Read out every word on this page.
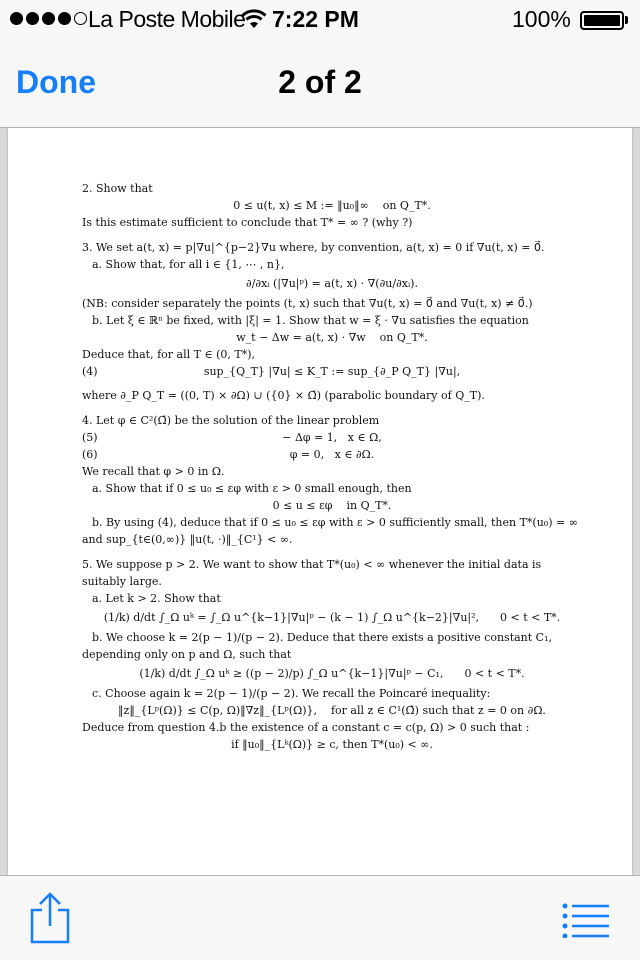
La Poste Mobile 7:22 PM	100%
Done	2 of 2
2. Show that
0 ≤ u(t, x) ≤ M := ‖u₀‖∞    on Q_T*.
Is this estimate sufficient to conclude that T* = ∞ ? (why ?)
3. We set a(t, x) = p|∇u|^{p−2}∇u where, by convention, a(t, x) = 0 if ∇u(t, x) = 0⃗.
a. Show that, for all i ∈ {1, ⋯ , n},
∂/∂xᵢ (|∇u|ᵖ) = a(t, x) · ∇(∂u/∂xᵢ).
(NB: consider separately the points (t, x) such that ∇u(t, x) = 0⃗ and ∇u(t, x) ≠ 0⃗.)
b. Let ξ ∈ ℝⁿ be fixed, with |ξ| = 1. Show that w = ξ · ∇u satisfies the equation
w_t − Δw = a(t, x) · ∇w    on Q_T*.
Deduce that, for all T ∈ (0, T*),
(4)	sup_{Q_T} |∇u| ≤ K_T := sup_{∂_P Q_T} |∇u|,
where ∂_P Q_T = ((0, T) × ∂Ω) ∪ ({0} × Ω̄) (parabolic boundary of Q_T).
4. Let φ ∈ C²(Ω̄) be the solution of the linear problem
(5)	− Δφ = 1,   x ∈ Ω,
(6)	φ = 0,   x ∈ ∂Ω.
We recall that φ > 0 in Ω.
a. Show that if 0 ≤ u₀ ≤ εφ with ε > 0 small enough, then
0 ≤ u ≤ εφ    in Q_T*.
b. By using (4), deduce that if 0 ≤ u₀ ≤ εφ with ε > 0 sufficiently small, then T*(u₀) = ∞
and sup_{t∈(0,∞)} ‖u(t, ·)‖_{C¹} < ∞.
5. We suppose p > 2. We want to show that T*(u₀) < ∞ whenever the initial data is
suitably large.
a. Let k > 2. Show that
(1/k) d/dt ∫_Ω uᵏ = ∫_Ω u^{k−1}|∇u|ᵖ − (k − 1) ∫_Ω u^{k−2}|∇u|²,      0 < t < T*.
b. We choose k = 2(p − 1)/(p − 2). Deduce that there exists a positive constant C₁,
depending only on p and Ω, such that
(1/k) d/dt ∫_Ω uᵏ ≥ ((p − 2)/p) ∫_Ω u^{k−1}|∇u|ᵖ − C₁,      0 < t < T*.
c. Choose again k = 2(p − 1)/(p − 2). We recall the Poincaré inequality:
‖z‖_{Lᵖ(Ω)} ≤ C(p, Ω)‖∇z‖_{Lᵖ(Ω)},    for all z ∈ C¹(Ω̄) such that z = 0 on ∂Ω.
Deduce from question 4.b the existence of a constant c = c(p, Ω) > 0 such that :
if ‖u₀‖_{Lᵏ(Ω)} ≥ c, then T*(u₀) < ∞.
